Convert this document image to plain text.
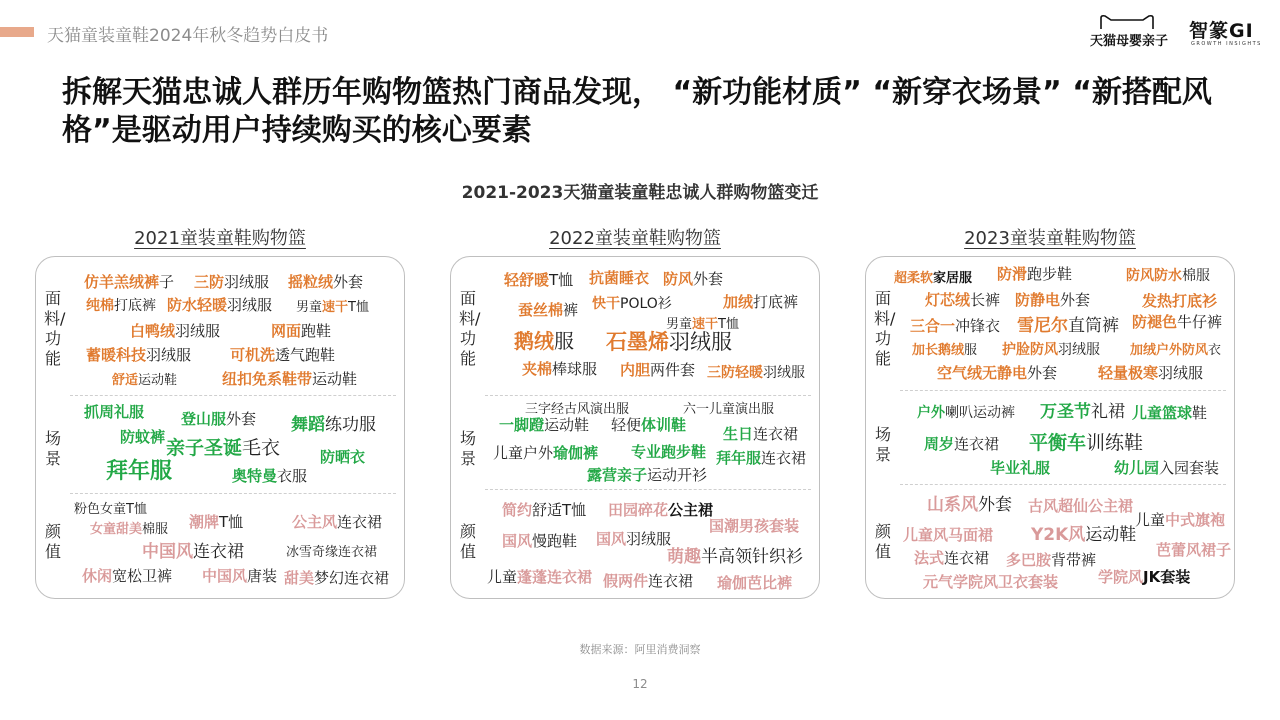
天猫童装童鞋2024年秋冬趋势白皮书	天猫母婴亲子	智篆GI
GROWTH INSIGHTS
拆解天猫忠诚人群历年购物篮热门商品发现， “新功能材质” “新穿衣场景” “新搭配风格”是驱动用户持续购买的核心要素
2021-2023天猫童装童鞋忠诚人群购物篮变迁
2021童装童鞋购物篮	2022童装童鞋购物篮	2023童装童鞋购物篮
面料/功能
场景
颜值
仿羊羔绒裤子 三防羽绒服 摇粒绒外套
纯棉打底裤 防水轻暖羽绒服 男童速干T恤
白鸭绒羽绒服	网面跑鞋
蓄暖科技羽绒服	可机洗透气跑鞋
舒适运动鞋	纽扣免系鞋带运动鞋
抓周礼服 登山服外套 舞蹈练功服
防蚊裤 亲子圣诞毛衣
拜年服
防晒衣
奥特曼衣服
粉色女童T恤
女童甜美棉服 潮牌T恤	公主风连衣裙
中国风连衣裙	冰雪奇缘连衣裙
休闲宽松卫裤 中国风唐装 甜美梦幻连衣裙
面料/功能
场景
颜值
轻舒暖T恤 抗菌睡衣 防风外套
蚕丝棉裤 快干POLO衫	加绒打底裤
男童速干T恤
鹅绒服 石墨烯羽绒服
夹棉棒球服 内胆两件套 三防轻暖羽绒服
三字经古风演出服	六一儿童演出服
一脚蹬运动鞋 轻便体训鞋 生日连衣裙
儿童户外瑜伽裤 专业跑步鞋 拜年服连衣裙
露营亲子运动开衫
简约舒适T恤 田园碎花公主裙
国潮男孩套装
国风慢跑鞋 国风羽绒服
萌趣半高领针织衫
儿童蓬蓬连衣裙 假两件连衣裙 瑜伽芭比裤
面料/功能
场景
颜值
超柔软家居服 防滑跑步鞋	防风防水棉服
灯芯绒长裤 防静电外套	发热打底衫
三合一冲锋衣 雪尼尔直筒裤 防褪色牛仔裤
加长鹅绒服 护脸防风羽绒服 加绒户外防风衣
空气绒无静电外套	轻量极寒羽绒服
户外喇叭运动裤 万圣节礼裙 儿童篮球鞋
周岁连衣裙 平衡车训练鞋
毕业礼服	幼儿园入园套装
山系风外套 古风超仙公主裙
儿童中式旗袍
儿童风马面裙 Y2K风运动鞋
法式连衣裙 多巴胺背带裤
芭蕾风裙子
元气学院风卫衣套装	学院风JK套装
数据来源：阿里消费洞察
12
